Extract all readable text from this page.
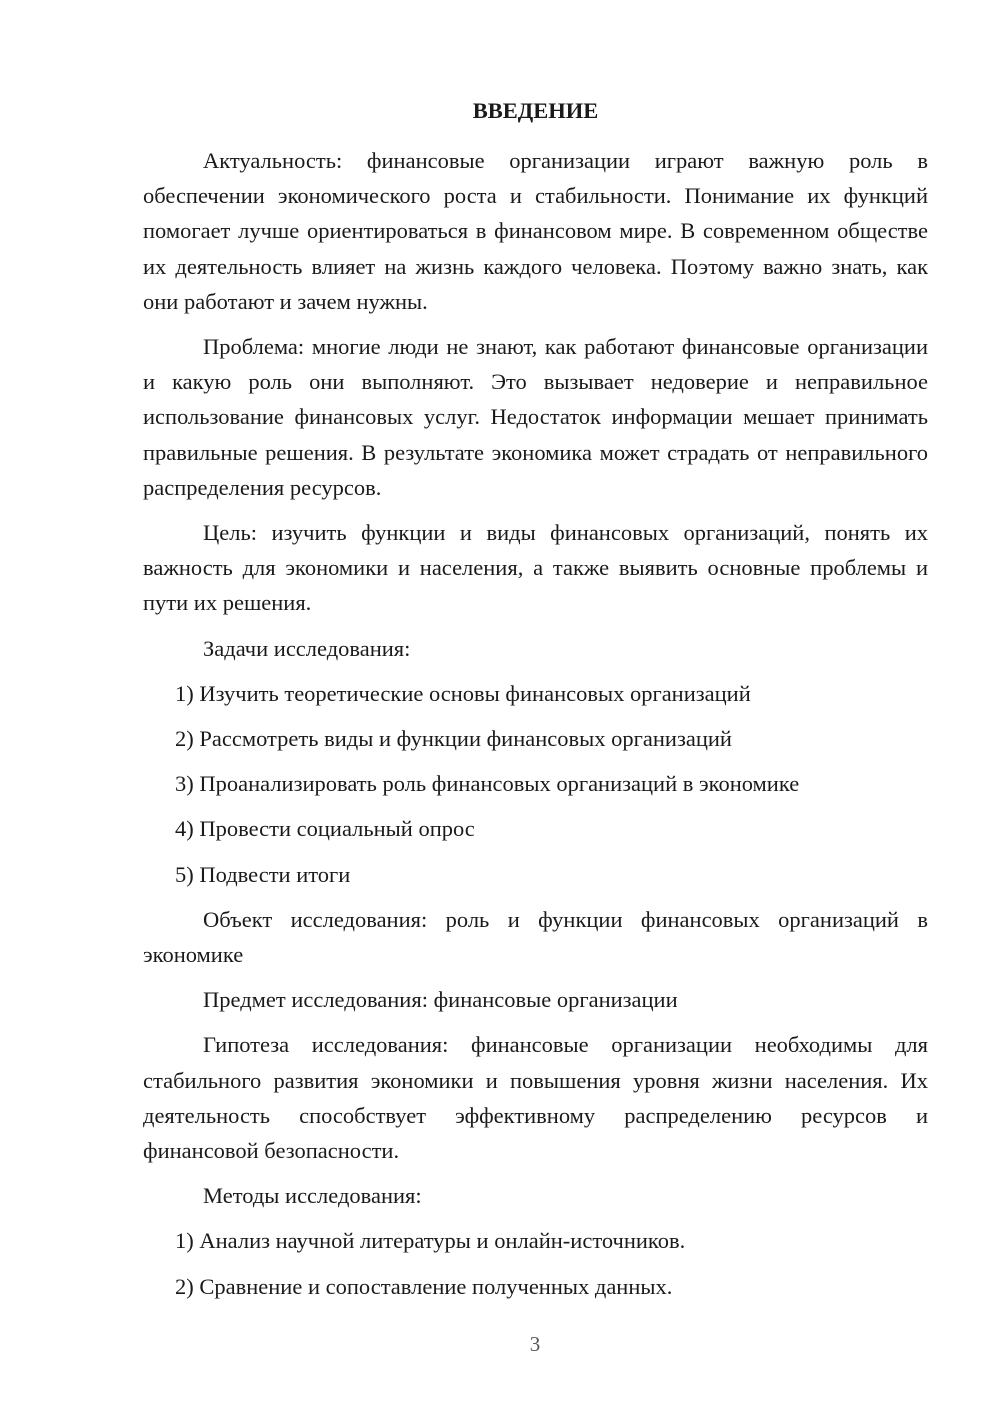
ВВЕДЕНИЕ

Актуальность: финансовые организации играют важную роль в обеспечении экономического роста и стабильности. Понимание их функций помогает лучше ориентироваться в финансовом мире. В современном обществе их деятельность влияет на жизнь каждого человека. Поэтому важно знать, как они работают и зачем нужны.

Проблема: многие люди не знают, как работают финансовые организации и какую роль они выполняют. Это вызывает недоверие и неправильное использование финансовых услуг. Недостаток информации мешает принимать правильные решения. В результате экономика может страдать от неправильного распределения ресурсов.

Цель: изучить функции и виды финансовых организаций, понять их важность для экономики и населения, а также выявить основные проблемы и пути их решения.

Задачи исследования:

1) Изучить теоретические основы финансовых организаций

2) Рассмотреть виды и функции финансовых организаций

3) Проанализировать роль финансовых организаций в экономике

4) Провести социальный опрос

5) Подвести итоги

Объект исследования: роль и функции финансовых организаций в экономике

Предмет исследования: финансовые организации

Гипотеза исследования: финансовые организации необходимы для стабильного развития экономики и повышения уровня жизни населения. Их деятельность способствует эффективному распределению ресурсов и финансовой безопасности.

Методы исследования:

1) Анализ научной литературы и онлайн-источников.

2) Сравнение и сопоставление полученных данных.

3
